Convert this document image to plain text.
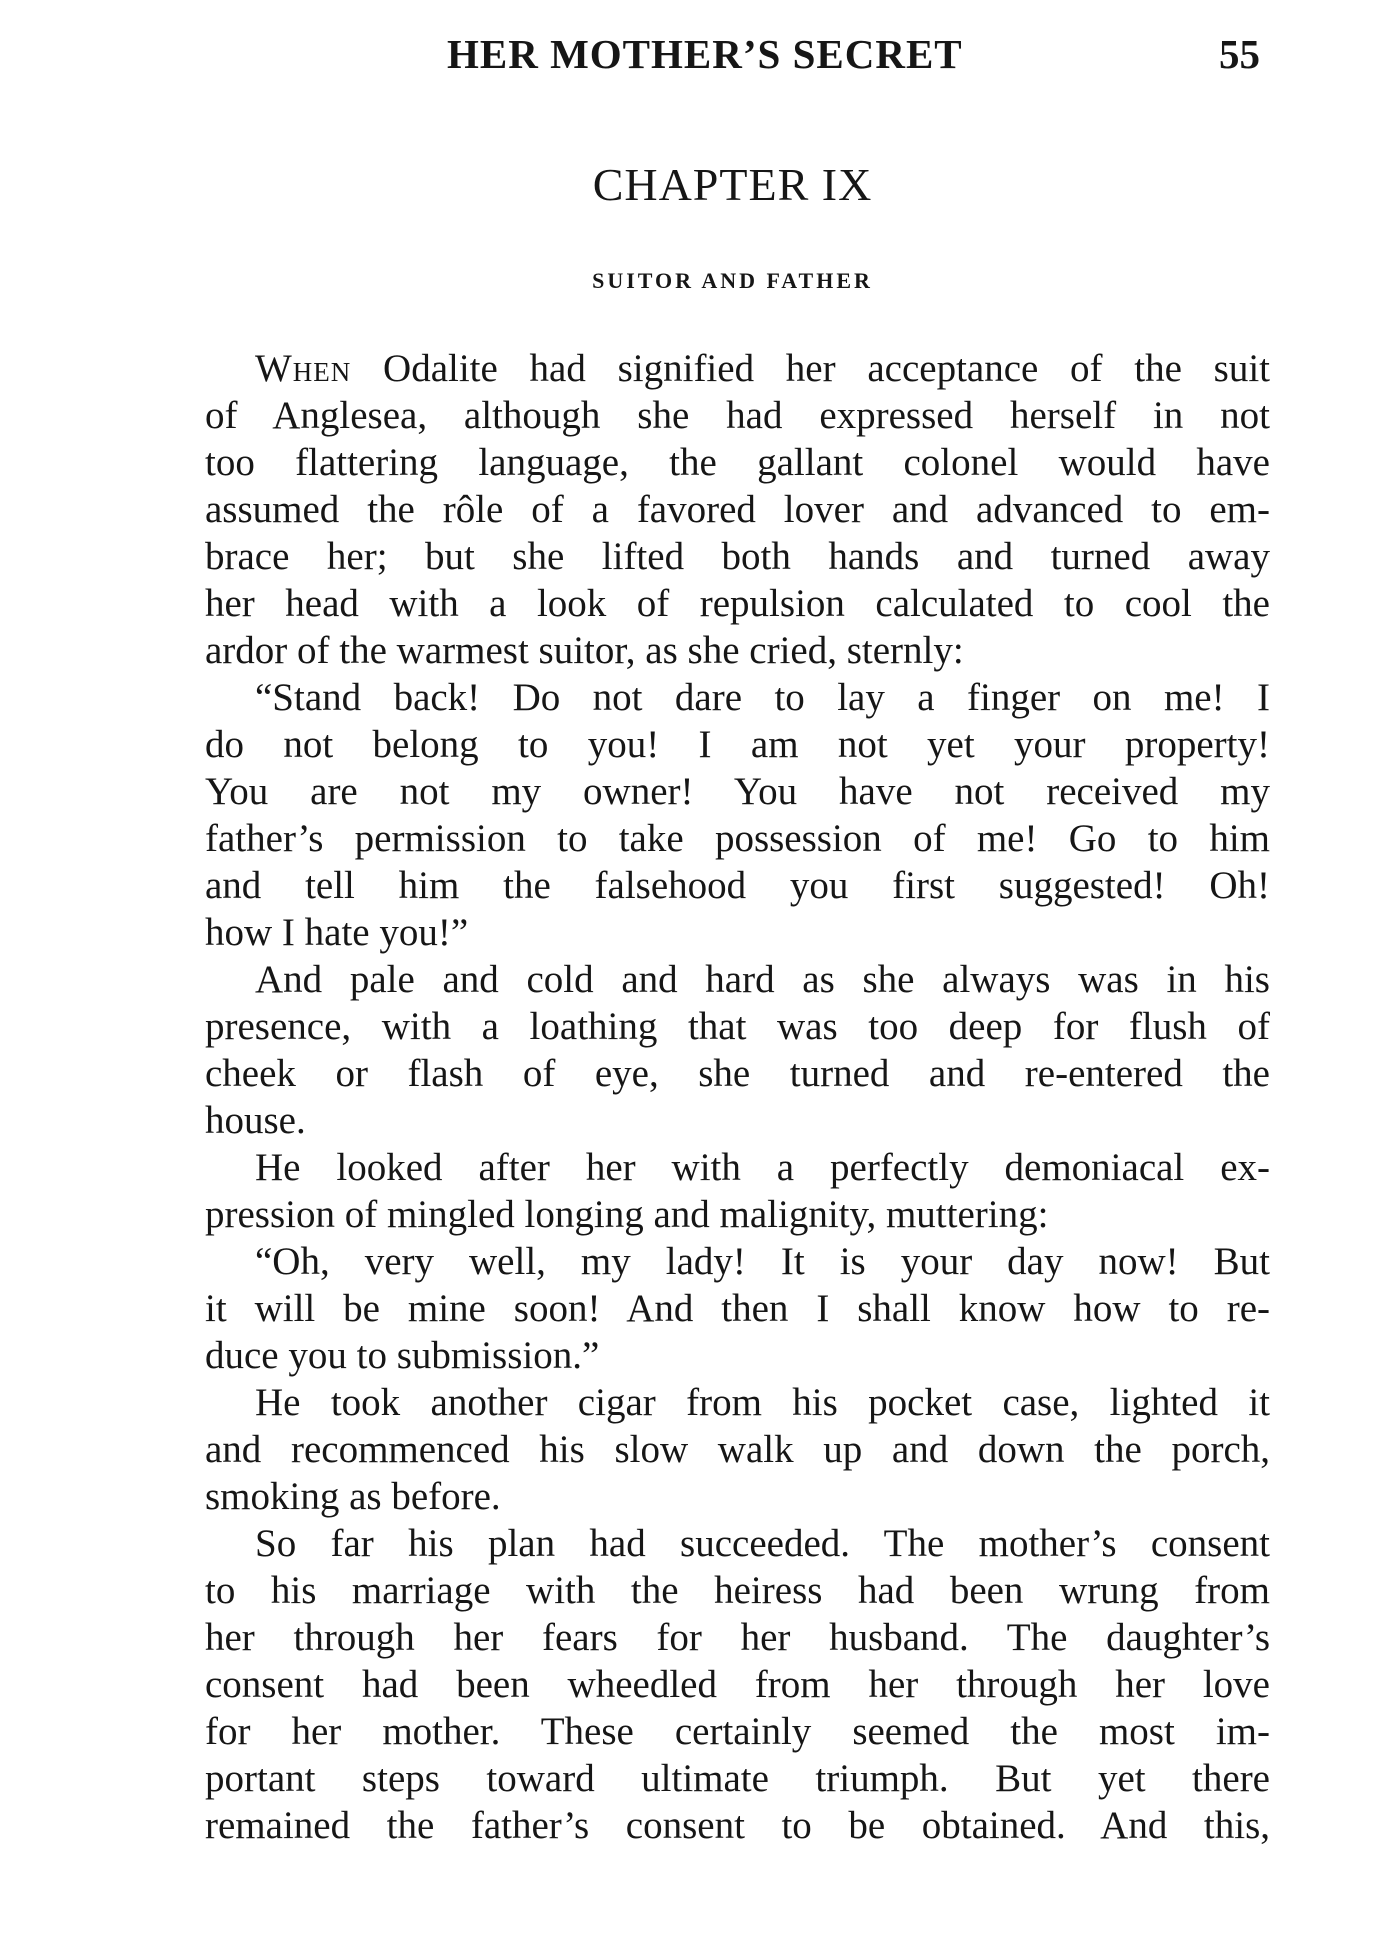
HER MOTHER’S SECRET	55
CHAPTER IX
SUITOR AND FATHER
When Odalite had signified her acceptance of the suit
of Anglesea, although she had expressed herself in not
too flattering language, the gallant colonel would have
assumed the rôle of a favored lover and advanced to em-
brace her; but she lifted both hands and turned away
her head with a look of repulsion calculated to cool the
ardor of the warmest suitor, as she cried, sternly:
“Stand back! Do not dare to lay a finger on me! I
do not belong to you! I am not yet your property!
You are not my owner! You have not received my
father’s permission to take possession of me! Go to him
and tell him the falsehood you first suggested! Oh!
how I hate you!”
And pale and cold and hard as she always was in his
presence, with a loathing that was too deep for flush of
cheek or flash of eye, she turned and re-entered the
house.
He looked after her with a perfectly demoniacal ex-
pression of mingled longing and malignity, muttering:
“Oh, very well, my lady! It is your day now! But
it will be mine soon! And then I shall know how to re-
duce you to submission.”
He took another cigar from his pocket case, lighted it
and recommenced his slow walk up and down the porch,
smoking as before.
So far his plan had succeeded. The mother’s consent
to his marriage with the heiress had been wrung from
her through her fears for her husband. The daughter’s
consent had been wheedled from her through her love
for her mother. These certainly seemed the most im-
portant steps toward ultimate triumph. But yet there
remained the father’s consent to be obtained. And this,
